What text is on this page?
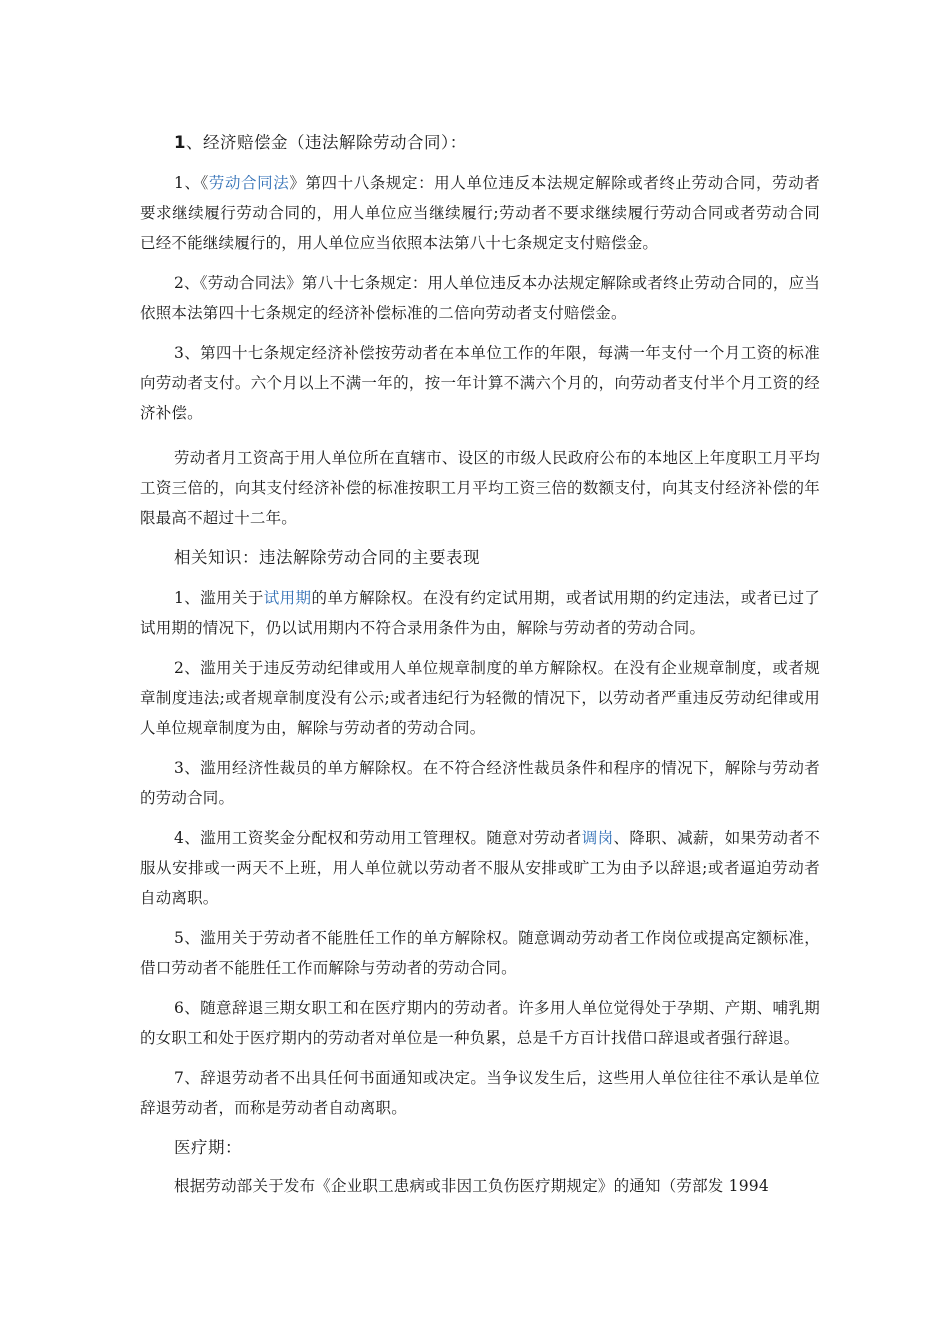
1、经济赔偿金（违法解除劳动合同）：

1、《劳动合同法》第四十八条规定：用人单位违反本法规定解除或者终止劳动合同，劳动者要求继续履行劳动合同的，用人单位应当继续履行;劳动者不要求继续履行劳动合同或者劳动合同已经不能继续履行的，用人单位应当依照本法第八十七条规定支付赔偿金。

2、《劳动合同法》第八十七条规定：用人单位违反本办法规定解除或者终止劳动合同的，应当依照本法第四十七条规定的经济补偿标准的二倍向劳动者支付赔偿金。

3、第四十七条规定经济补偿按劳动者在本单位工作的年限，每满一年支付一个月工资的标准向劳动者支付。六个月以上不满一年的，按一年计算不满六个月的，向劳动者支付半个月工资的经济补偿。

劳动者月工资高于用人单位所在直辖市、设区的市级人民政府公布的本地区上年度职工月平均工资三倍的，向其支付经济补偿的标准按职工月平均工资三倍的数额支付，向其支付经济补偿的年限最高不超过十二年。

相关知识：违法解除劳动合同的主要表现

1、滥用关于试用期的单方解除权。在没有约定试用期，或者试用期的约定违法，或者已过了试用期的情况下，仍以试用期内不符合录用条件为由，解除与劳动者的劳动合同。

2、滥用关于违反劳动纪律或用人单位规章制度的单方解除权。在没有企业规章制度，或者规章制度违法;或者规章制度没有公示;或者违纪行为轻微的情况下，以劳动者严重违反劳动纪律或用人单位规章制度为由，解除与劳动者的劳动合同。

3、滥用经济性裁员的单方解除权。在不符合经济性裁员条件和程序的情况下，解除与劳动者的劳动合同。

4、滥用工资奖金分配权和劳动用工管理权。随意对劳动者调岗、降职、减薪，如果劳动者不服从安排或一两天不上班，用人单位就以劳动者不服从安排或旷工为由予以辞退;或者逼迫劳动者自动离职。

5、滥用关于劳动者不能胜任工作的单方解除权。随意调动劳动者工作岗位或提高定额标准，借口劳动者不能胜任工作而解除与劳动者的劳动合同。

6、随意辞退三期女职工和在医疗期内的劳动者。许多用人单位觉得处于孕期、产期、哺乳期的女职工和处于医疗期内的劳动者对单位是一种负累，总是千方百计找借口辞退或者强行辞退。

7、辞退劳动者不出具任何书面通知或决定。当争议发生后，这些用人单位往往不承认是单位辞退劳动者，而称是劳动者自动离职。

医疗期：

根据劳动部关于发布《企业职工患病或非因工负伤医疗期规定》的通知（劳部发 1994
